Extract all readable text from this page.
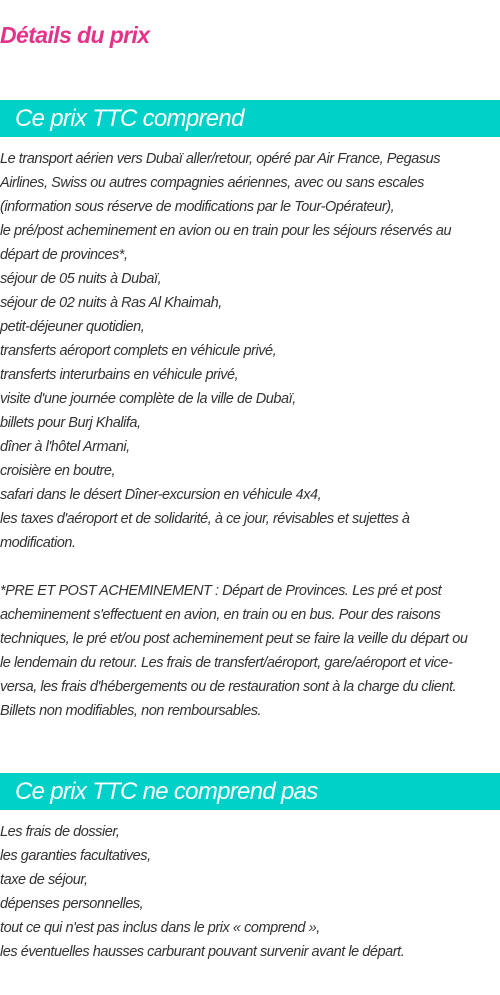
Détails du prix
Ce prix TTC comprend
Le transport aérien vers Dubaï aller/retour, opéré par Air France, Pegasus
Airlines, Swiss ou autres compagnies aériennes, avec ou sans escales
(information sous réserve de modifications par le Tour-Opérateur),
le pré/post acheminement en avion ou en train pour les séjours réservés au
départ de provinces*,
séjour de 05 nuits à Dubaï,
séjour de 02 nuits à Ras Al Khaimah,
petit-déjeuner quotidien,
transferts aéroport complets en véhicule privé,
transferts interurbains en véhicule privé,
visite d'une journée complète de la ville de Dubaï,
billets pour Burj Khalifa,
dîner à l'hôtel Armani,
croisière en boutre,
safari dans le désert Dîner-excursion en véhicule 4x4,
les taxes d'aéroport et de solidarité, à ce jour, révisables et sujettes à
modification.
*PRE ET POST ACHEMINEMENT : Départ de Provinces. Les pré et post
acheminement s'effectuent en avion, en train ou en bus. Pour des raisons
techniques, le pré et/ou post acheminement peut se faire la veille du départ ou
le lendemain du retour. Les frais de transfert/aéroport, gare/aéroport et vice-
versa, les frais d'hébergements ou de restauration sont à la charge du client.
Billets non modifiables, non remboursables.
Ce prix TTC ne comprend pas
Les frais de dossier,
les garanties facultatives,
taxe de séjour,
dépenses personnelles,
tout ce qui n'est pas inclus dans le prix « comprend »,
les éventuelles hausses carburant pouvant survenir avant le départ.
